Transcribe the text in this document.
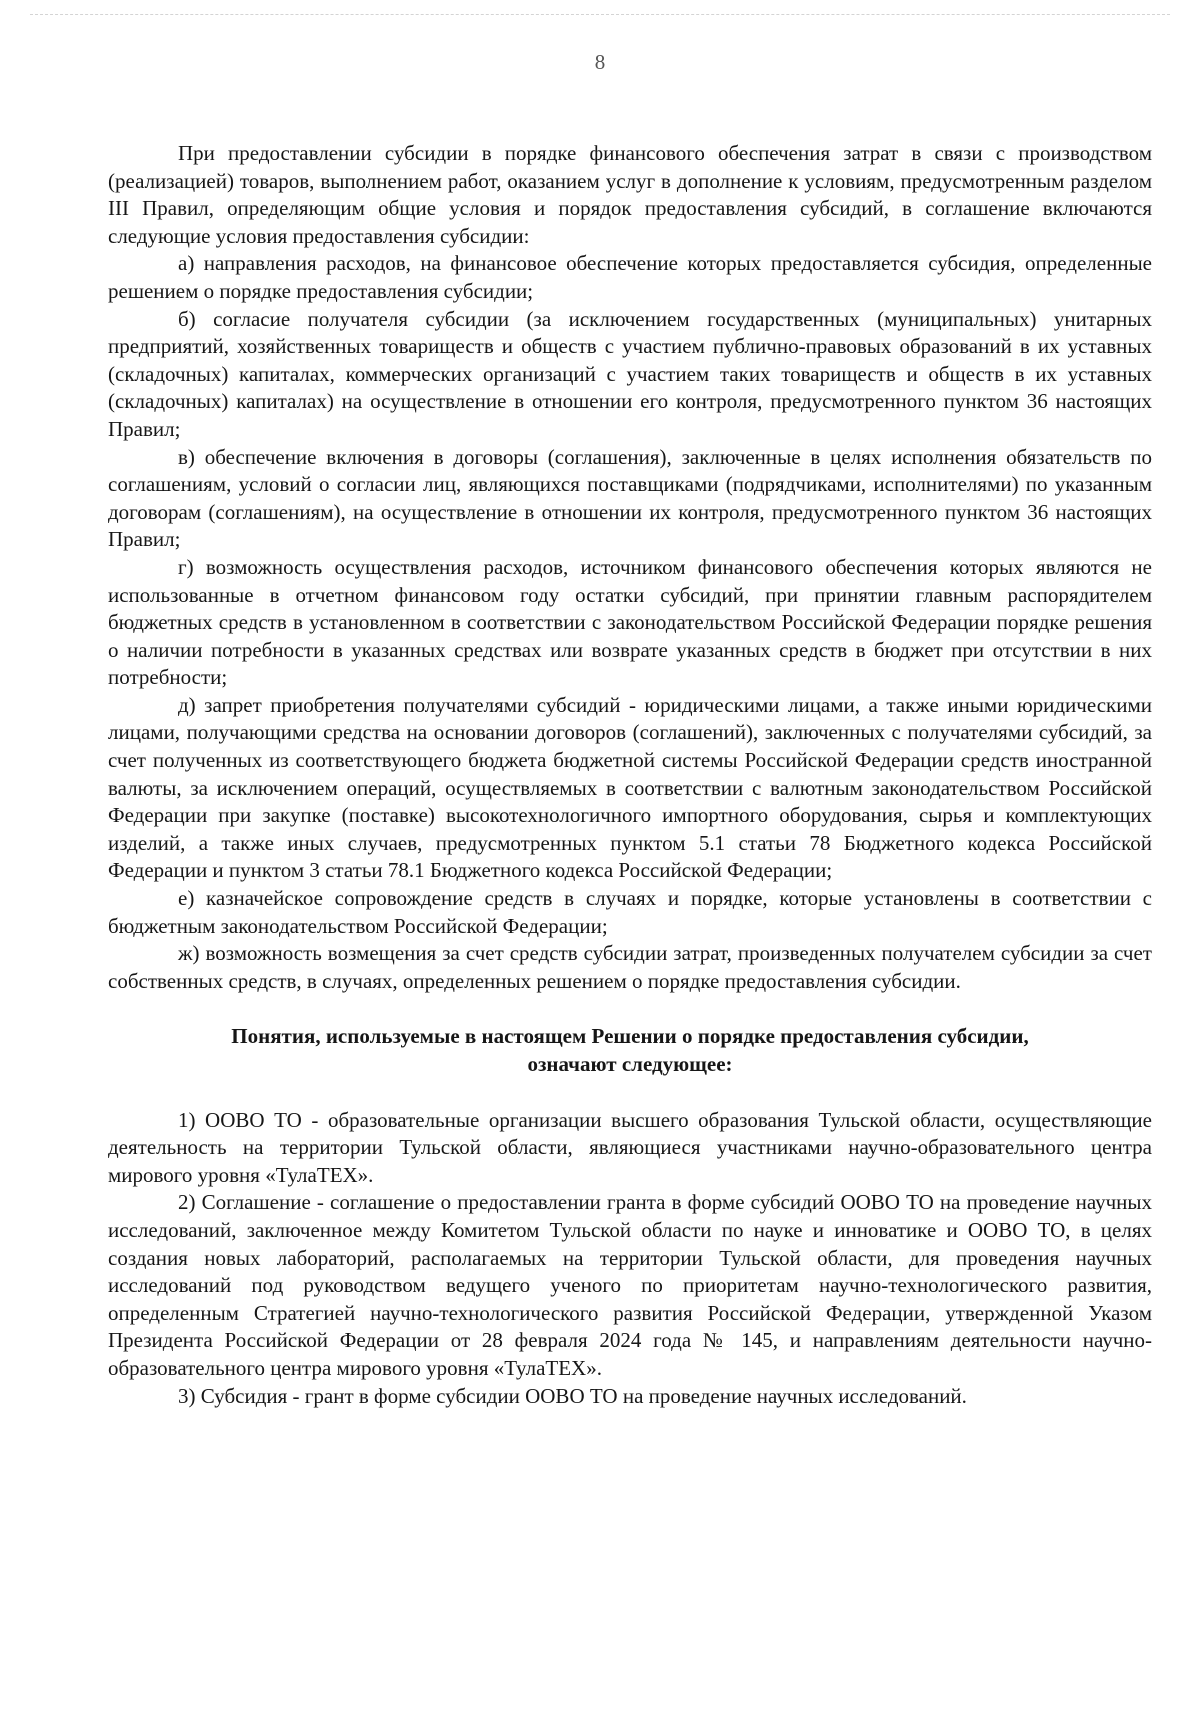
8

При предоставлении субсидии в порядке финансового обеспечения затрат в связи с производством (реализацией) товаров, выполнением работ, оказанием услуг в дополнение к условиям, предусмотренным разделом III Правил, определяющим общие условия и порядок предоставления субсидий, в соглашение включаются следующие условия предоставления субсидии:

а) направления расходов, на финансовое обеспечение которых предоставляется субсидия, определенные решением о порядке предоставления субсидии;

б) согласие получателя субсидии (за исключением государственных (муниципальных) унитарных предприятий, хозяйственных товариществ и обществ с участием публично-правовых образований в их уставных (складочных) капиталах, коммерческих организаций с участием таких товариществ и обществ в их уставных (складочных) капиталах) на осуществление в отношении его контроля, предусмотренного пунктом 36 настоящих Правил;

в) обеспечение включения в договоры (соглашения), заключенные в целях исполнения обязательств по соглашениям, условий о согласии лиц, являющихся поставщиками (подрядчиками, исполнителями) по указанным договорам (соглашениям), на осуществление в отношении их контроля, предусмотренного пунктом 36 настоящих Правил;

г) возможность осуществления расходов, источником финансового обеспечения которых являются не использованные в отчетном финансовом году остатки субсидий, при принятии главным распорядителем бюджетных средств в установленном в соответствии с законодательством Российской Федерации порядке решения о наличии потребности в указанных средствах или возврате указанных средств в бюджет при отсутствии в них потребности;

д) запрет приобретения получателями субсидий - юридическими лицами, а также иными юридическими лицами, получающими средства на основании договоров (соглашений), заключенных с получателями субсидий, за счет полученных из соответствующего бюджета бюджетной системы Российской Федерации средств иностранной валюты, за исключением операций, осуществляемых в соответствии с валютным законодательством Российской Федерации при закупке (поставке) высокотехнологичного импортного оборудования, сырья и комплектующих изделий, а также иных случаев, предусмотренных пунктом 5.1 статьи 78 Бюджетного кодекса Российской Федерации и пунктом 3 статьи 78.1 Бюджетного кодекса Российской Федерации;

е) казначейское сопровождение средств в случаях и порядке, которые установлены в соответствии с бюджетным законодательством Российской Федерации;

ж) возможность возмещения за счет средств субсидии затрат, произведенных получателем субсидии за счет собственных средств, в случаях, определенных решением о порядке предоставления субсидии.

Понятия, используемые в настоящем Решении о порядке предоставления субсидии,
означают следующее:

1) ООВО ТО - образовательные организации высшего образования Тульской области, осуществляющие деятельность на территории Тульской области, являющиеся участниками научно-образовательного центра мирового уровня «ТулаТЕХ».

2) Соглашение - соглашение о предоставлении гранта в форме субсидий ООВО ТО на проведение научных исследований, заключенное между Комитетом Тульской области по науке и инноватике и ООВО ТО, в целях создания новых лабораторий, располагаемых на территории Тульской области, для проведения научных исследований под руководством ведущего ученого по приоритетам научно-технологического развития, определенным Стратегией научно-технологического развития Российской Федерации, утвержденной Указом Президента Российской Федерации от 28 февраля 2024 года № 145, и направлениям деятельности научно-образовательного центра мирового уровня «ТулаТЕХ».

3) Субсидия - грант в форме субсидии ООВО ТО на проведение научных исследований.
